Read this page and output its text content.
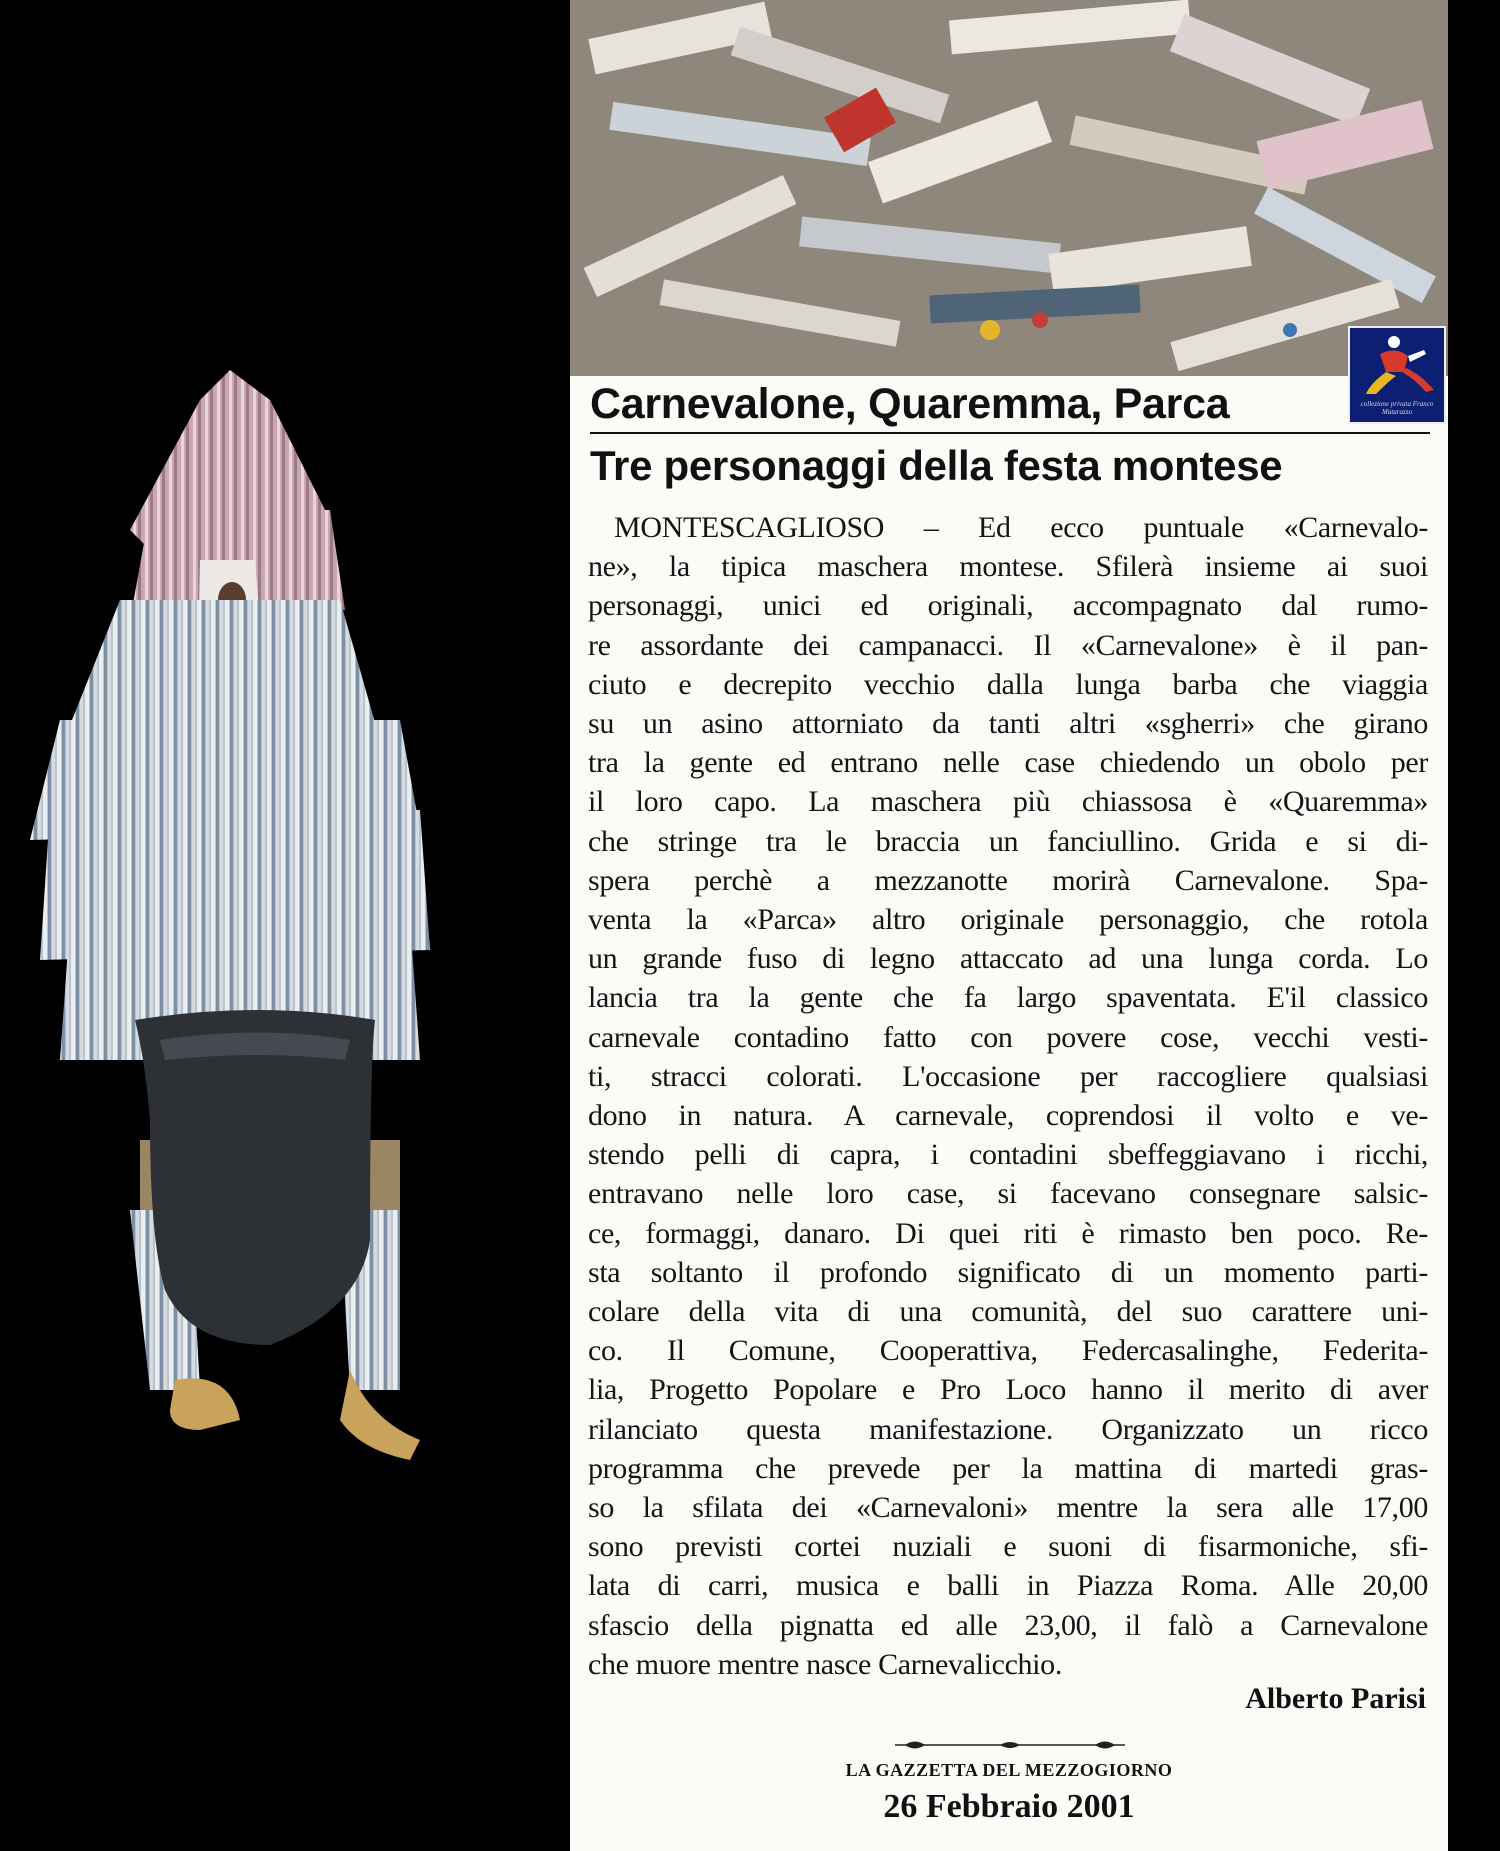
collezione privata Franco Matarazzo
Carnevalone, Quaremma, Parca
Tre personaggi della festa montese
MONTESCAGLIOSO – Ed ecco puntuale «Carnevalo-
ne», la tipica maschera montese. Sfilerà insieme ai suoi
personaggi, unici ed originali, accompagnato dal rumo-
re assordante dei campanacci. Il «Carnevalone» è il pan-
ciuto e decrepito vecchio dalla lunga barba che viaggia
su un asino attorniato da tanti altri «sgherri» che girano
tra la gente ed entrano nelle case chiedendo un obolo per
il loro capo. La maschera più chiassosa è «Quaremma»
che stringe tra le braccia un fanciullino. Grida e si di-
spera perchè a mezzanotte morirà Carnevalone. Spa-
venta la «Parca» altro originale personaggio, che rotola
un grande fuso di legno attaccato ad una lunga corda. Lo
lancia tra la gente che fa largo spaventata. E'il classico
carnevale contadino fatto con povere cose, vecchi vesti-
ti, stracci colorati. L'occasione per raccogliere qualsiasi
dono in natura. A carnevale, coprendosi il volto e ve-
stendo pelli di capra, i contadini sbeffeggiavano i ricchi,
entravano nelle loro case, si facevano consegnare salsic-
ce, formaggi, danaro. Di quei riti è rimasto ben poco. Re-
sta soltanto il profondo significato di un momento parti-
colare della vita di una comunità, del suo carattere uni-
co. Il Comune, Cooperattiva, Federcasalinghe, Federita-
lia, Progetto Popolare e Pro Loco hanno il merito di aver
rilanciato questa manifestazione. Organizzato un ricco
programma che prevede per la mattina di martedi gras-
so la sfilata dei «Carnevaloni» mentre la sera alle 17,00
sono previsti cortei nuziali e suoni di fisarmoniche, sfi-
lata di carri, musica e balli in Piazza Roma. Alle 20,00
sfascio della pignatta ed alle 23,00, il falò a Carnevalone
che muore mentre nasce Carnevalicchio.
Alberto Parisi
LA GAZZETTA DEL MEZZOGIORNO
26 Febbraio 2001
